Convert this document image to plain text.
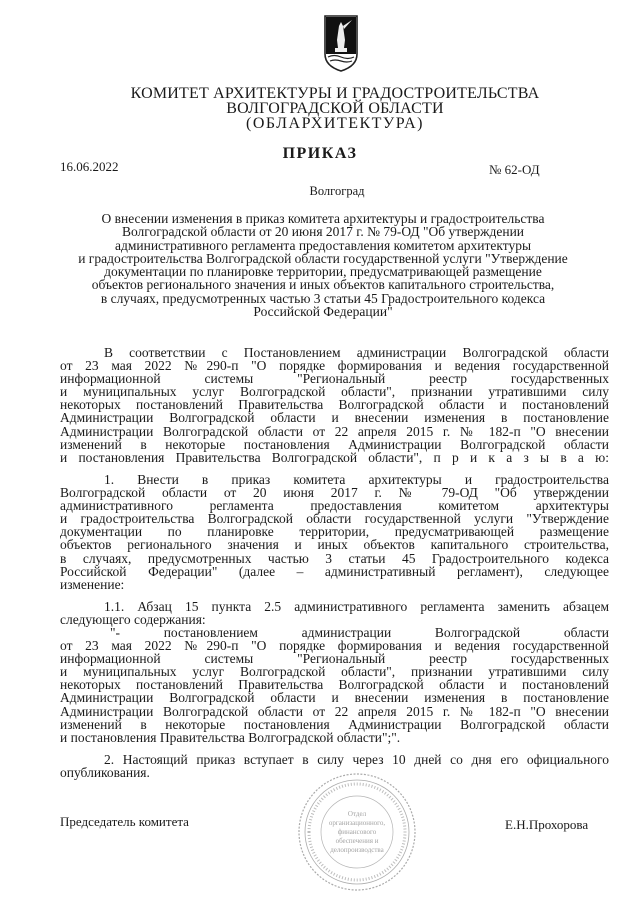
КОМИТЕТ АРХИТЕКТУРЫ И ГРАДОСТРОИТЕЛЬСТВА
ВОЛГОГРАДСКОЙ ОБЛАСТИ
(ОБЛАРХИТЕКТУРА)
ПРИКАЗ
16.06.2022	№ 62-ОД
Волгоград
О внесении изменения в приказ комитета архитектуры и градостроительства
Волгоградской области от 20 июня 2017 г. № 79-ОД "Об утверждении
административного регламента предоставления комитетом архитектуры
и градостроительства Волгоградской области государственной услуги "Утверждение
документации по планировке территории, предусматривающей размещение
объектов регионального значения и иных объектов капитального строительства,
в случаях, предусмотренных частью 3 статьи 45 Градостроительного кодекса
Российской Федерации"
В соответствии с Постановлением администрации Волгоградской области
от 23 мая 2022 №290-п "О порядке формирования и ведения государственной
информационной системы "Региональный реестр государственных
и муниципальных услуг Волгоградской области", признании утратившими силу
некоторых постановлений Правительства Волгоградской области и постановлений
Администрации Волгоградской области и внесении изменения в постановление
Администрации Волгоградской области от 22 апреля 2015 г. № 182-п "О внесении
изменений в некоторые постановления Администрации Волгоградской области
и постановления Правительства Волгоградской области", п р и к а з ы в а ю:
1. Внести в приказ комитета архитектуры и градостроительства
Волгоградской области от 20 июня 2017 г. № 79-ОД "Об утверждении
административного регламента предоставления комитетом архитектуры
и градостроительства Волгоградской области государственной услуги "Утверждение
документации по планировке территории, предусматривающей размещение
объектов регионального значения и иных объектов капитального строительства,
в случаях, предусмотренных частью 3 статьи 45 Градостроительного кодекса
Российской Федерации" (далее – административный регламент), следующее
изменение:
1.1. Абзац 15 пункта 2.5 административного регламента заменить абзацем
следующего содержания:
"- постановлением администрации Волгоградской области
от 23 мая 2022 №290-п "О порядке формирования и ведения государственной
информационной системы "Региональный реестр государственных
и муниципальных услуг Волгоградской области", признании утратившими силу
некоторых постановлений Правительства Волгоградской области и постановлений
Администрации Волгоградской области и внесении изменения в постановление
Администрации Волгоградской области от 22 апреля 2015 г. № 182-п "О внесении
изменений в некоторые постановления Администрации Волгоградской области
и постановления Правительства Волгоградской области";".
2. Настоящий приказ вступает в силу через 10 дней со дня его официального
опубликования.
Отдел
организационного,
финансового
обеспечения и
делопроизводства
Председатель комитета	Е.Н.Прохорова
